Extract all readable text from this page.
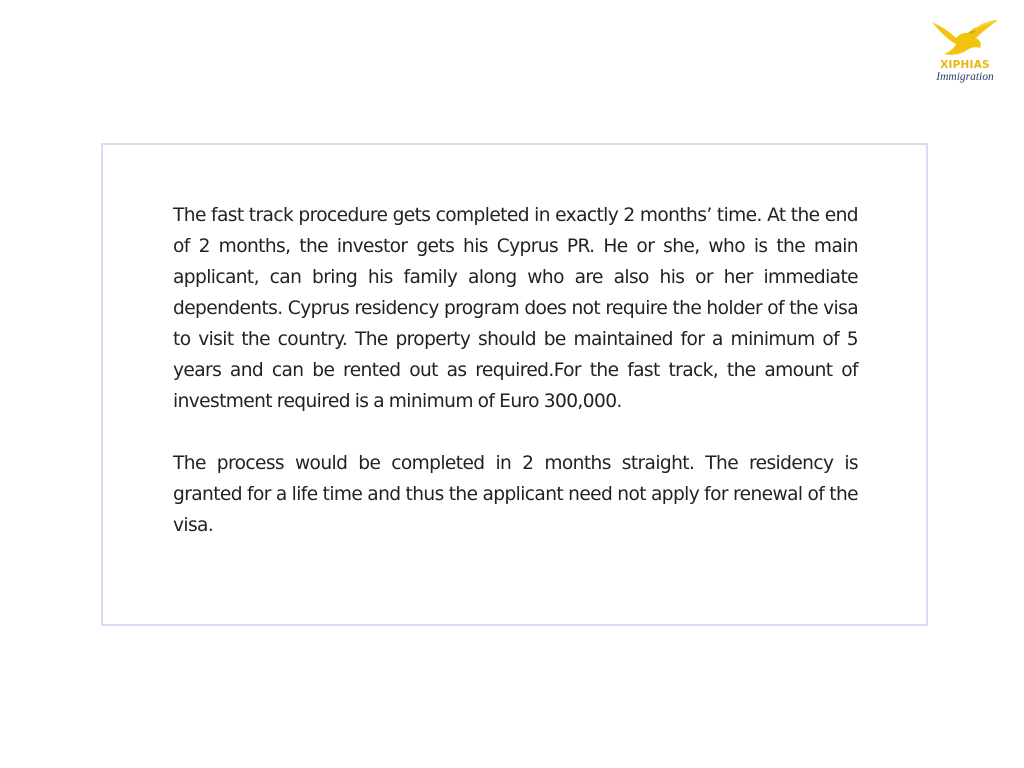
XIPHIAS
Immigration

The fast track procedure gets completed in exactly 2 months’ time. At the end of 2 months, the investor gets his Cyprus PR. He or she, who is the main applicant, can bring his family along who are also his or her immediate dependents. Cyprus residency program does not require the holder of the visa to visit the country. The property should be maintained for a minimum of 5 years and can be rented out as required.For the fast track, the amount of investment required is a minimum of Euro 300,000.

The process would be completed in 2 months straight. The residency is granted for a life time and thus the applicant need not apply for renewal of the visa.
